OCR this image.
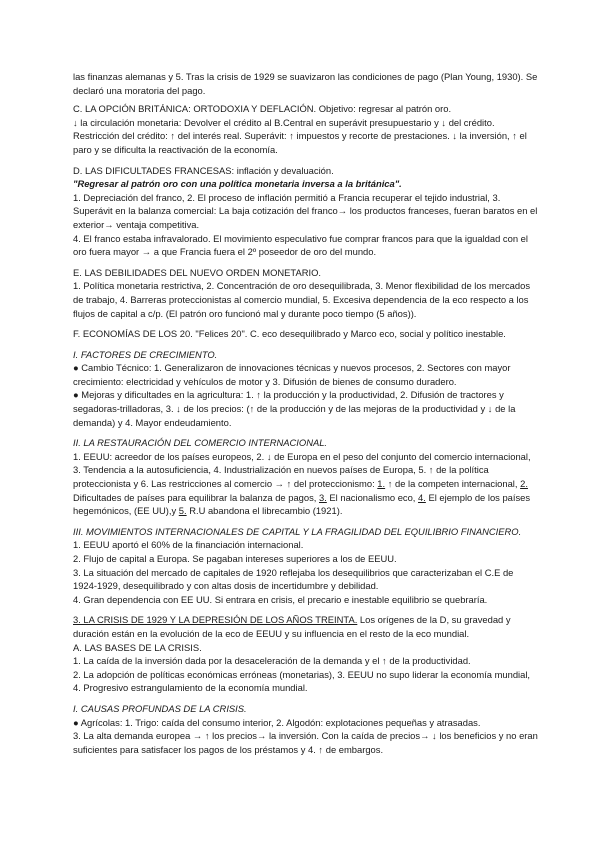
las finanzas alemanas y 5. Tras la crisis de 1929 se suavizaron las condiciones de pago (Plan Young, 1930). Se declaró una moratoria del pago.

C. LA OPCIÓN BRITÁNICA: ORTODOXIA Y DEFLACIÓN. Objetivo: regresar al patrón oro.

↓ la circulación monetaria: Devolver el crédito al B.Central en superávit presupuestario y ↓ del crédito. Restricción del crédito: ↑ del interés real. Superávit: ↑ impuestos y recorte de prestaciones. ↓ la inversión, ↑ el paro y se dificulta la reactivación de la economía.

D. LAS DIFICULTADES FRANCESAS: inflación y devaluación.

"Regresar al patrón oro con una política monetaria inversa a la británica".

1. Depreciación del franco, 2. El proceso de inflación permitió a Francia recuperar el tejido industrial, 3. Superávit en la balanza comercial: La baja cotización del franco→ los productos franceses, fueran baratos en el exterior→ ventaja competitiva.

4. El franco estaba infravalorado. El movimiento especulativo fue comprar francos para que la igualdad con el oro fuera mayor → a que Francia fuera el 2º poseedor de oro del mundo.

E. LAS DEBILIDADES DEL NUEVO ORDEN MONETARIO.

1. Política monetaria restrictiva, 2. Concentración de oro desequilibrada, 3. Menor flexibilidad de los mercados de trabajo, 4. Barreras proteccionistas al comercio mundial, 5. Excesiva dependencia de la eco respecto a los flujos de capital a c/p. (El patrón oro funcionó mal y durante poco tiempo (5 años)).

F. ECONOMÍAS DE LOS 20. "Felices 20". C. eco desequilibrado y Marco eco, social y político inestable.

I. FACTORES DE CRECIMIENTO.

● Cambio Técnico: 1. Generalizaron de innovaciones técnicas y nuevos procesos, 2. Sectores con mayor crecimiento: electricidad y vehículos de motor y 3. Difusión de bienes de consumo duradero.

● Mejoras y dificultades en la agricultura: 1. ↑ la producción y la productividad, 2. Difusión de tractores y segadoras-trilladoras, 3. ↓ de los precios: (↑ de la producción y de las mejoras de la productividad y ↓ de la demanda) y 4. Mayor endeudamiento.

II. LA RESTAURACIÓN DEL COMERCIO INTERNACIONAL.

1. EEUU: acreedor de los países europeos, 2. ↓ de Europa en el peso del conjunto del comercio internacional, 3. Tendencia a la autosuficiencia, 4. Industrialización en nuevos países de Europa, 5. ↑ de la política proteccionista y 6. Las restricciones al comercio → ↑ del proteccionismo: 1. ↑ de la competen internacional, 2. Dificultades de países para equilibrar la balanza de pagos, 3. El nacionalismo eco, 4. El ejemplo de los países hegemónicos, (EE UU),y 5. R.U abandona el librecambio (1921).

III. MOVIMIENTOS INTERNACIONALES DE CAPITAL Y LA FRAGILIDAD DEL EQUILIBRIO FINANCIERO.

1. EEUU aportó el 60% de la financiación internacional.

2. Flujo de capital a Europa. Se pagaban intereses superiores a los de EEUU.

3. La situación del mercado de capitales de 1920 reflejaba los desequilibrios que caracterizaban el C.E de 1924-1929, desequilibrado y con altas dosis de incertidumbre y debilidad.

4. Gran dependencia con EE UU. Si entrara en crisis, el precario e inestable equilibrio se quebraría.

3. LA CRISIS DE 1929 Y LA DEPRESIÓN DE LOS AÑOS TREINTA. Los orígenes de la D, su gravedad y duración están en la evolución de la eco de EEUU y su influencia en el resto de la eco mundial.

A. LAS BASES DE LA CRISIS.

1. La caída de la inversión dada por la desaceleración de la demanda y el ↑ de la productividad.

2. La adopción de políticas económicas erróneas (monetarias), 3. EEUU no supo liderar la economía mundial, 4. Progresivo estrangulamiento de la economía mundial.

I. CAUSAS PROFUNDAS DE LA CRISIS.

● Agrícolas: 1. Trigo: caída del consumo interior, 2. Algodón: explotaciones pequeñas y atrasadas.

3. La alta demanda europea → ↑ los precios→ la inversión. Con la caída de precios→ ↓ los beneficios y no eran suficientes para satisfacer los pagos de los préstamos y 4. ↑ de embargos.
